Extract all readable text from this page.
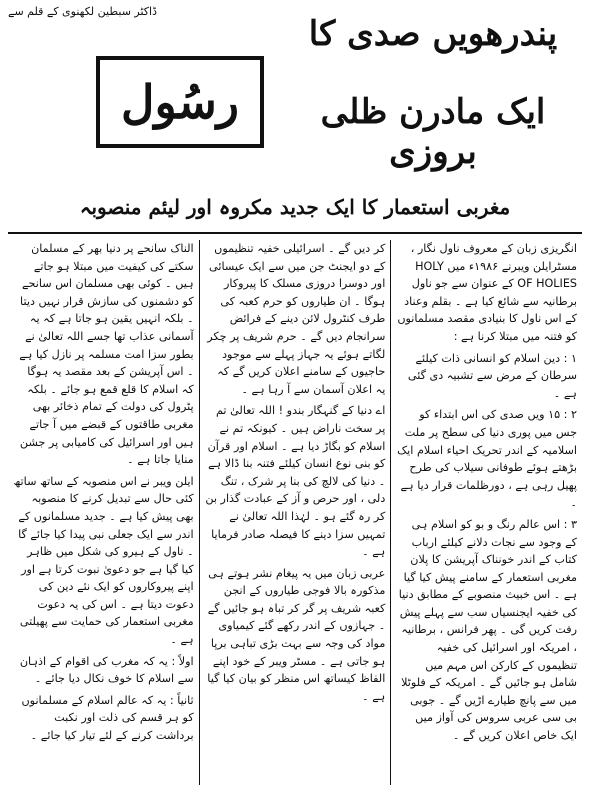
ڈاکٹر سبطین لکھنوی کے قلم سے
رسُول
پندرھویں صدی کا
ایک مادرن ظلی بروزی
مغربی استعمار کا ایک جدید مکروہ اور لیئم منصوبہ

انگریزی زبان کے معروف ناول نگار ، مسٹرایلن ویبرنے ۱۹۸۶ء میں HOLY OF HOLIES کے عنوان سے جو ناول برطانیہ سے شائع کیا ہے ۔ بقلم وعناد کے اس ناول کا بنیادی مقصد مسلمانوں کو فتنہ میں مبتلا کرنا ہے :

۱ : دین اسلام کو انسانی ذات کیلئے سرطان کے مرض سے تشبیہ دی گئی ہے ۔

۲ : ۱۵ ویں صدی کی اس ابتداء کو جس میں پوری دنیا کی سطح پر ملت اسلامیہ کے اندر تحریک احیاء اسلام ایک بڑھتے ہوئے طوفانی سیلاب کی طرح پھیل رہی ہے ، دورظلمات قرار دیا ہے ۔

۳ : اس عالم رنگ و بو کو اسلام ہی کے وجود سے نجات دلانے کیلئے ارباب کتاب کے اندر خونناک آپریشن کا پلان مغربی استعمار کے سامنے پیش کیا گیا ہے ۔ اس خبیث منصوبے کے مطابق دنیا کی خفیہ ایجنسیاں سب سے پہلے پیش رفت کریں گی ۔ پھر فرانس ، برطانیہ ، امریکہ اور اسرائیل کی خفیہ تنظیموں کے کارکن اس مہم میں شامل ہو جائیں گے ۔ امریکہ کے فلوٹلا میں سے پانچ طیارے اڑیں گے ۔ جوبی بی سی عربی سروس کی آواز میں ایک خاص اعلان کریں گے ۔

کر دیں گے ۔ اسرائیلی خفیہ تنظیموں کے دو ایجنٹ جن میں سے ایک عیسائی اور دوسرا دروزی مسلک کا پیروکار ہوگا ۔ ان طیاروں کو حرم کعبہ کی طرف کنٹرول لائن دینے کے فرائض سرانجام دیں گے ۔ حرم شریف پر چکر لگاتے ہوئے یہ جہاز پہلے سے موجود حاجیوں کے سامنے اعلان کریں گے کہ یہ اعلان آسمان سے آ رہا ہے ۔

اے دنیا کے گنہگار بندو ! اللہ تعالیٰ تم پر سخت ناراض ہیں ۔ کیونکہ تم نے اسلام کو بگاڑ دیا ہے ۔ اسلام اور قرآن کو بنی نوع انسان کیلئے فتنہ بنا ڈالا ہے ۔ دنیا کی لالچ کی بنا پر شرک ، تنگ دلی ، اور حرص و آز کے عبادت گذار بن کر رہ گئے ہو ۔ لہٰذا اللہ تعالیٰ نے تمہیں سزا دینے کا فیصلہ صادر فرمایا ہے ۔

عربی زبان میں یہ پیغام نشر ہوتے ہی مذکورہ بالا فوجی طیاروں کے انجن کعبہ شریف پر گر کر تباہ ہو جائیں گے ۔ جہازوں کے اندر رکھے گئے کیمیاوی مواد کی وجہ سے بہت بڑی تباہی برپا ہو جاتی ہے ۔ مسٹر ویبر کے خود اپنے الفاظ کیساتھ اس منظر کو بیان کیا گیا ہے ۔

الناک سانحے پر دنیا بھر کے مسلمان سکتے کی کیفیت میں مبتلا ہو جاتے ہیں ۔ کوئی بھی مسلمان اس سانحے کو دشمنوں کی سازش قرار نہیں دیتا ۔ بلکہ انہیں یقین ہو جاتا ہے کہ یہ آسمانی عذاب تھا جسے اللہ تعالیٰ نے بطور سزا امت مسلمہ پر نازل کیا ہے ۔ اس آپریشن کے بعد مقصد یہ ہوگا کہ اسلام کا قلع قمع ہو جائے ۔ بلکہ پٹرول کی دولت کے تمام ذخائر بھی مغربی طاقتوں کے قبضے میں آ جاتے ہیں اور اسرائیل کی کامیابی پر جشن منایا جاتا ہے ۔

ایلن ویبر نے اس منصوبہ کے ساتھ ساتھ کئی حال سے تبدیل کرنے کا منصوبہ بھی پیش کیا ہے ۔ جدید مسلمانوں کے اندر سے ایک جعلی نبی پیدا کیا جائے گا ۔ ناول کے ہیرو کی شکل میں ظاہر کیا گیا ہے جو دعویٰ نبوت کرتا ہے اور اپنے پیروکاروں کو ایک نئے دین کی دعوت دیتا ہے ۔ اس کی یہ دعوت مغربی استعمار کی حمایت سے پھیلتی ہے ۔

اولاً : یہ کہ مغرب کی اقوام کے اذہان سے اسلام کا خوف نکال دیا جائے ۔

ثانیاً : یہ کہ عالم اسلام کے مسلمانوں کو ہر قسم کی ذلت اور نکبت برداشت کرنے کے لئے تیار کیا جائے ۔
